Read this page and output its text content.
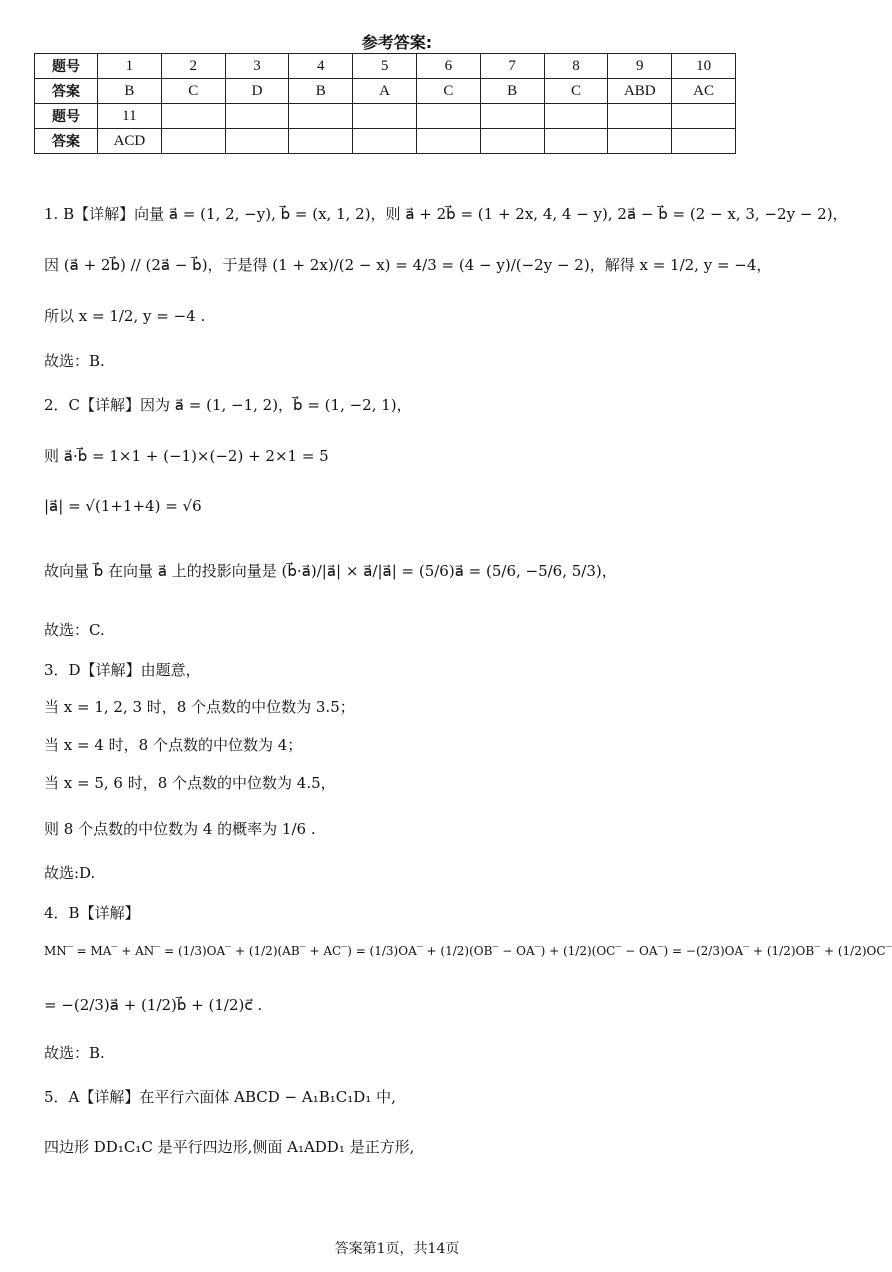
参考答案:
题号	1	2	3	4	5	6	7	8	9	10
答案	B	C	D	B	A	C	B	C	ABD	AC
题号	11									
答案	ACD									
1. B【详解】向量 a⃗ = (1, 2, −y), b⃗ = (x, 1, 2)，则 a⃗ + 2b⃗ = (1 + 2x, 4, 4 − y), 2a⃗ − b⃗ = (2 − x, 3, −2y − 2)，
因 (a⃗ + 2b⃗) // (2a⃗ − b⃗)，于是得 (1 + 2x)/(2 − x) = 4/3 = (4 − y)/(−2y − 2)，解得 x = 1/2, y = −4，
所以 x = 1/2, y = −4 .
故选：B.
2．C【详解】因为 a⃗ = (1, −1, 2)，b⃗ = (1, −2, 1)，
则 a⃗·b⃗ = 1×1 + (−1)×(−2) + 2×1 = 5
|a⃗| = √(1+1+4) = √6
故向量 b⃗ 在向量 a⃗ 上的投影向量是 (b⃗·a⃗)/|a⃗| × a⃗/|a⃗| = (5/6)a⃗ = (5/6, −5/6, 5/3)，
故选：C.
3．D【详解】由题意，
当 x = 1, 2, 3 时，8 个点数的中位数为 3.5；
当 x = 4 时，8 个点数的中位数为 4；
当 x = 5, 6 时，8 个点数的中位数为 4.5，
则 8 个点数的中位数为 4 的概率为 1/6 .
故选:D.
4．B【详解】
MN‾ = MA‾ + AN‾ = (1/3)OA‾ + (1/2)(AB‾ + AC‾) = (1/3)OA‾ + (1/2)(OB‾ − OA‾) + (1/2)(OC‾ − OA‾) = −(2/3)OA‾ + (1/2)OB‾ + (1/2)OC‾
= −(2/3)a⃗ + (1/2)b⃗ + (1/2)c⃗ .
故选：B.
5．A【详解】在平行六面体 ABCD − A₁B₁C₁D₁ 中,
四边形 DD₁C₁C 是平行四边形,侧面 A₁ADD₁ 是正方形,
答案第1页，共14页
